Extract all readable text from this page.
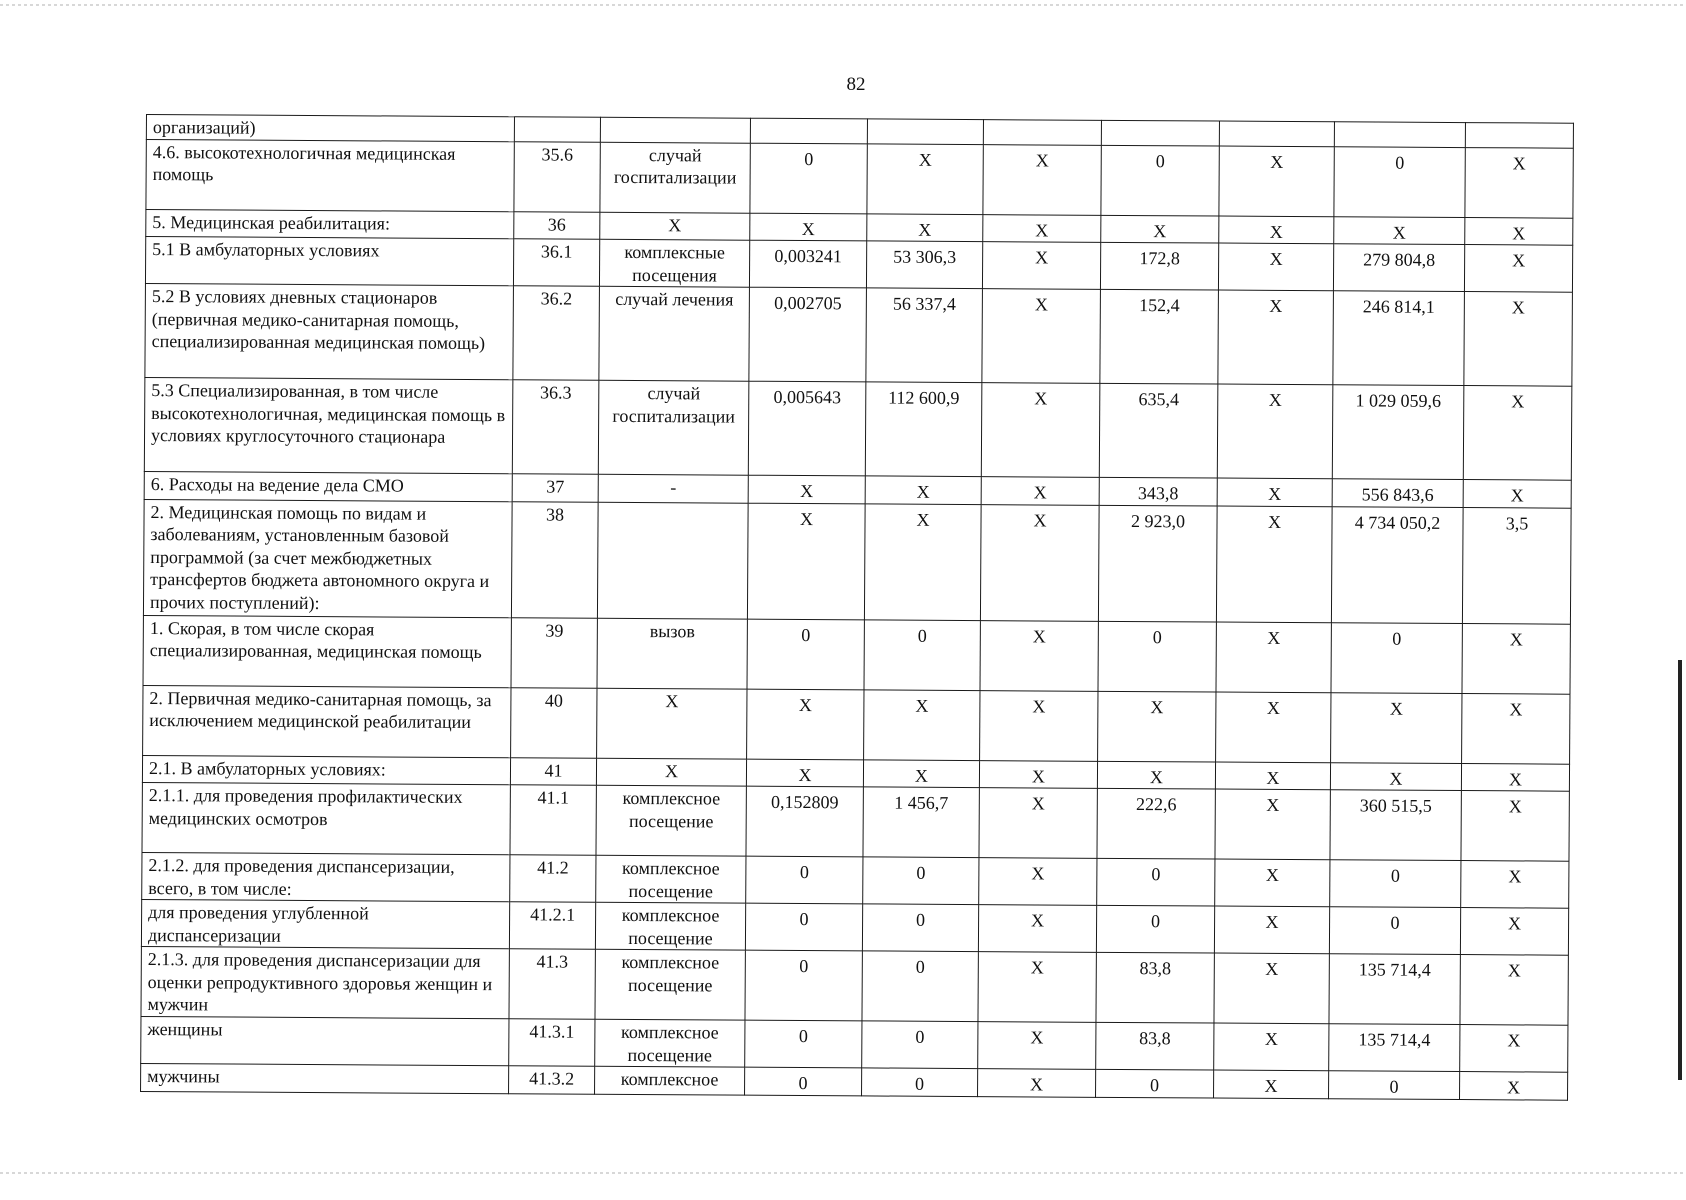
82
организаций)									
4.6. высокотехнологичная медицинская помощь	35.6	случай госпитализации	0	Х	Х	0	Х	0	Х
5. Медицинская реабилитация:	36	Х	Х	Х	Х	Х	Х	Х	Х
5.1 В амбулаторных условиях	36.1	комплексные посещения	0,003241	53 306,3	Х	172,8	Х	279 804,8	Х
5.2 В условиях дневных стационаров (первичная медико-санитарная помощь, специализированная медицинская помощь)	36.2	случай лечения	0,002705	56 337,4	Х	152,4	Х	246 814,1	Х
5.3 Специализированная, в том числе высокотехнологичная, медицинская помощь в условиях круглосуточного стационара	36.3	случай госпитализации	0,005643	112 600,9	Х	635,4	Х	1 029 059,6	Х
6. Расходы на ведение дела СМО	37	-	Х	Х	Х	343,8	Х	556 843,6	Х
2. Медицинская помощь по видам и заболеваниям, установленным базовой программой (за счет межбюджетных трансфертов бюджета автономного округа и прочих поступлений):	38		Х	Х	Х	2 923,0	Х	4 734 050,2	3,5
1. Скорая, в том числе скорая специализированная, медицинская помощь	39	вызов	0	0	Х	0	Х	0	Х
2. Первичная медико-санитарная помощь, за исключением медицинской реабилитации	40	Х	Х	Х	Х	Х	Х	Х	Х
2.1. В амбулаторных условиях:	41	Х	Х	Х	Х	Х	Х	Х	Х
2.1.1. для проведения профилактических медицинских осмотров	41.1	комплексное посещение	0,152809	1 456,7	Х	222,6	Х	360 515,5	Х
2.1.2. для проведения диспансеризации, всего, в том числе:	41.2	комплексное посещение	0	0	Х	0	Х	0	Х
для проведения углубленной диспансеризации	41.2.1	комплексное посещение	0	0	Х	0	Х	0	Х
2.1.3. для проведения диспансеризации для оценки репродуктивного здоровья женщин и мужчин	41.3	комплексное посещение	0	0	Х	83,8	Х	135 714,4	Х
женщины	41.3.1	комплексное посещение	0	0	Х	83,8	Х	135 714,4	Х
мужчины	41.3.2	комплексное	0	0	Х	0	Х	0	Х
